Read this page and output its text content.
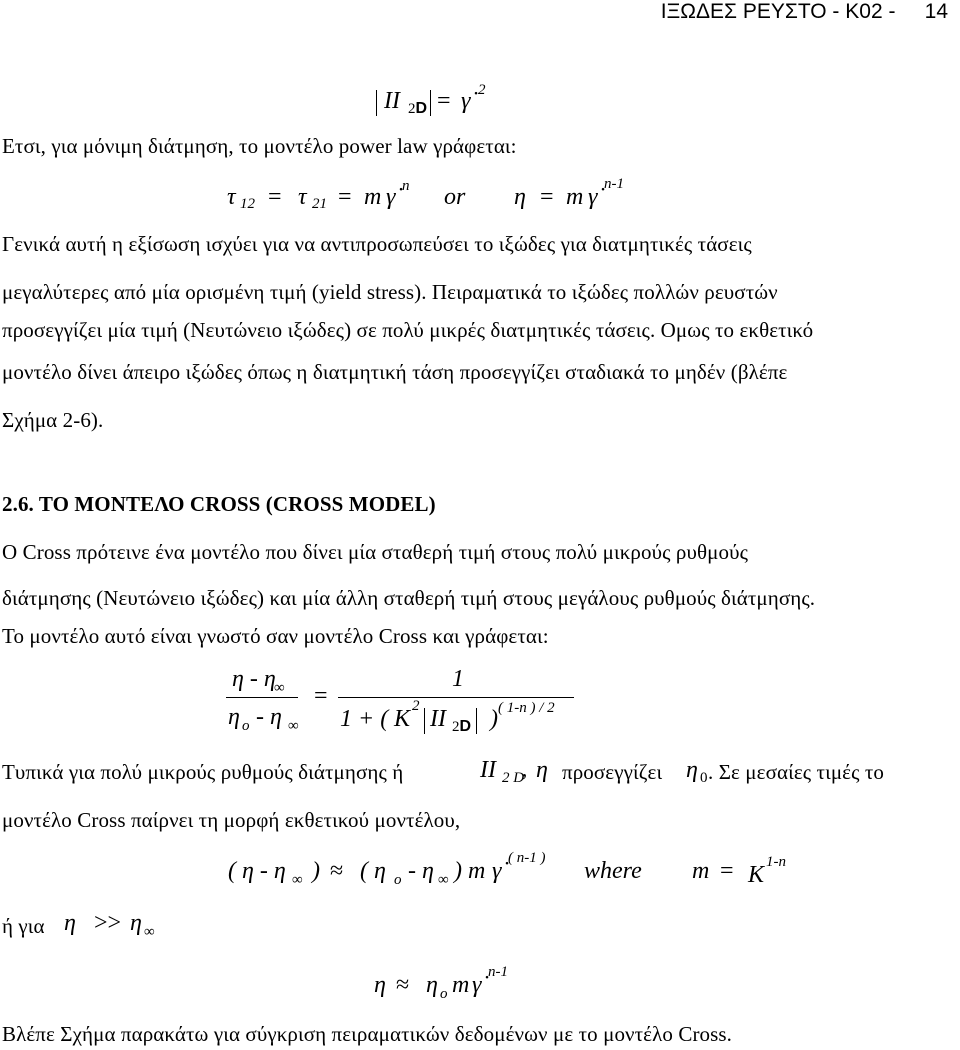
ΙΞΩΔΕΣ ΡΕΥΣΤΟ - Κ02 - 14
II 2D = γ̇ 2
Ετσι, για μόνιμη διάτμηση, το μοντέλο power law γράφεται:
τ 12 = τ 21 = m γ̇ n or η = m γ̇ n-1
Γενικά αυτή η εξίσωση ισχύει για να αντιπροσωπεύσει το ιξώδες για διατμητικές τάσεις
μεγαλύτερες από μία ορισμένη τιμή (yield stress). Πειραματικά το ιξώδες πολλών ρευστών
προσεγγίζει μία τιμή (Νευτώνειο ιξώδες) σε πολύ μικρές διατμητικές τάσεις. Ομως το εκθετικό
μοντέλο δίνει άπειρο ιξώδες όπως η διατμητική τάση προσεγγίζει σταδιακά το μηδέν (βλέπε
Σχήμα 2-6).
2.6. ΤΟ ΜΟΝΤΕΛΟ CROSS (CROSS MODEL)
Ο Cross πρότεινε ένα μοντέλο που δίνει μία σταθερή τιμή στους πολύ μικρούς ρυθμούς
διάτμησης (Νευτώνειο ιξώδες) και μία άλλη σταθερή τιμή στους μεγάλους ρυθμούς διάτμησης.
Το μοντέλο αυτό είναι γνωστό σαν μοντέλο Cross και γράφεται:
η - η
∞
η o - η ∞
=
1
1 + ( K 2 II 2D ) ( 1-n ) / 2
Τυπικά για πολύ μικρούς ρυθμούς διάτμησης ή	II 2 D
, η προσεγγίζει η 0 . Σε μεσαίες τιμές το
μοντέλο Cross παίρνει τη μορφή εκθετικού μοντέλου,
( η - η ∞ ) ≈ ( η o - η ∞ ) m γ̇ ( n-1 ) where m = K 1-n
ή για η >> η ∞
η ≈ η o m γ̇ n-1
Βλέπε Σχήμα παρακάτω για σύγκριση πειραματικών δεδομένων με το μοντέλο Cross.
